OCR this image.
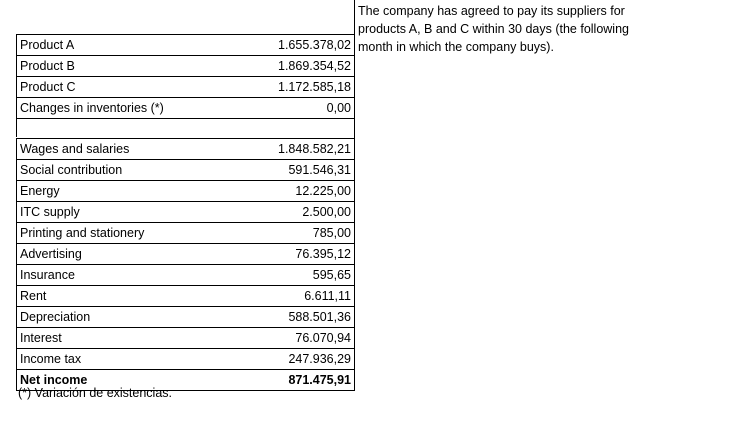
The company has agreed to pay its suppliers for
products A, B and C within 30 days (the following
month in which the company buys).
Product A	1.655.378,02
Product B	1.869.354,52
Product C	1.172.585,18
Changes in inventories (*)	0,00
Wages and salaries	1.848.582,21
Social contribution	591.546,31
Energy	12.225,00
ITC supply	2.500,00
Printing and stationery	785,00
Advertising	76.395,12
Insurance	595,65
Rent	6.611,11
Depreciation	588.501,36
Interest	76.070,94
Income tax	247.936,29
Net income	871.475,91
(*) Variación de existencias.
